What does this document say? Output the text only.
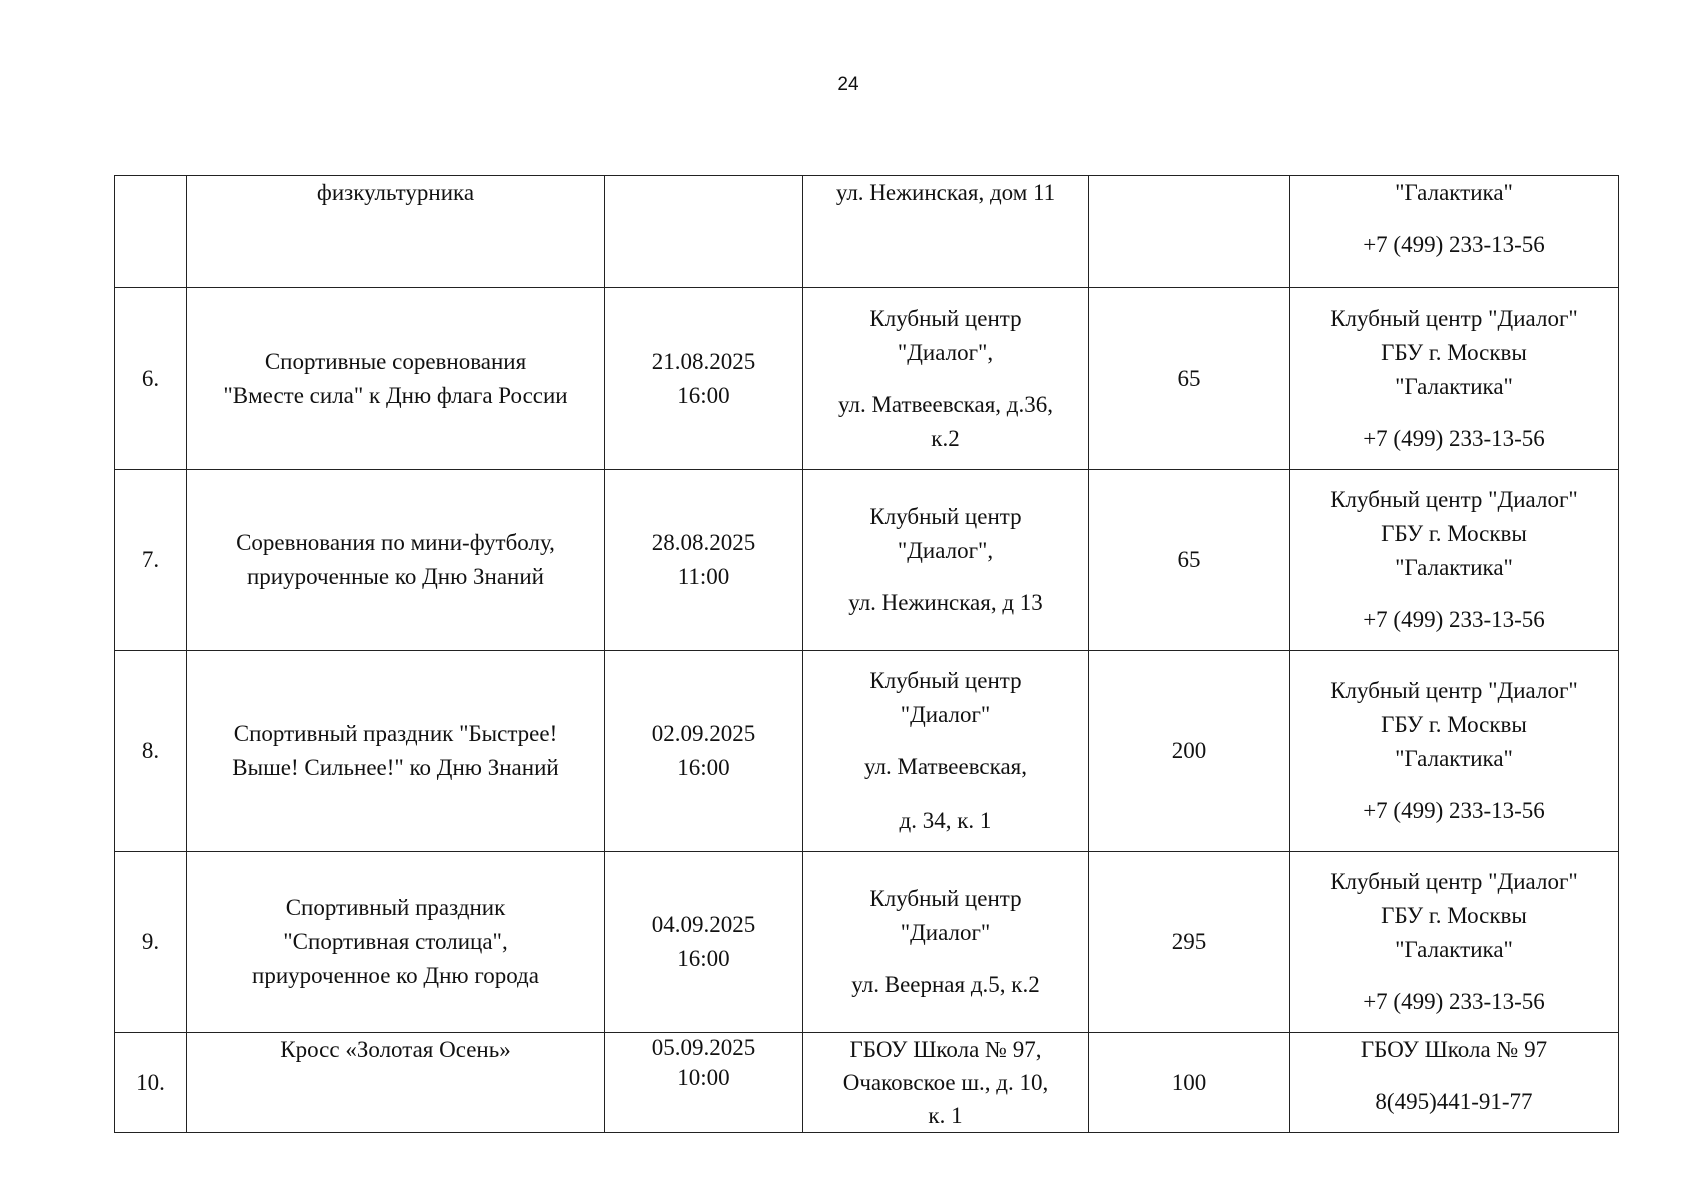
24

	физкультурника		ул. Нежинская, дом 11		"Галактика"
+7 (499) 233-13-56

6.	Спортивные соревнования
"Вместе сила" к Дню флага России	21.08.2025
16:00	Клубный центр
"Диалог",
ул. Матвеевская, д.36,
к.2	65	Клубный центр "Диалог"
ГБУ г. Москвы
"Галактика"
+7 (499) 233-13-56

7.	Соревнования по мини-футболу,
приуроченные ко Дню Знаний	28.08.2025
11:00	Клубный центр
"Диалог",
ул. Нежинская, д 13	65	Клубный центр "Диалог"
ГБУ г. Москвы
"Галактика"
+7 (499) 233-13-56

8.	Спортивный праздник "Быстрее!
Выше! Сильнее!" ко Дню Знаний	02.09.2025
16:00	Клубный центр
"Диалог"
ул. Матвеевская,
д. 34, к. 1	200	Клубный центр "Диалог"
ГБУ г. Москвы
"Галактика"
+7 (499) 233-13-56

9.	Спортивный праздник
"Спортивная столица",
приуроченное ко Дню города	04.09.2025
16:00	Клубный центр
"Диалог"
ул. Веерная д.5, к.2	295	Клубный центр "Диалог"
ГБУ г. Москвы
"Галактика"
+7 (499) 233-13-56

10.	Кросс «Золотая Осень»	05.09.2025
10:00	ГБОУ Школа № 97,
Очаковское ш., д. 10,
к. 1	100	ГБОУ Школа № 97
8(495)441-91-77
